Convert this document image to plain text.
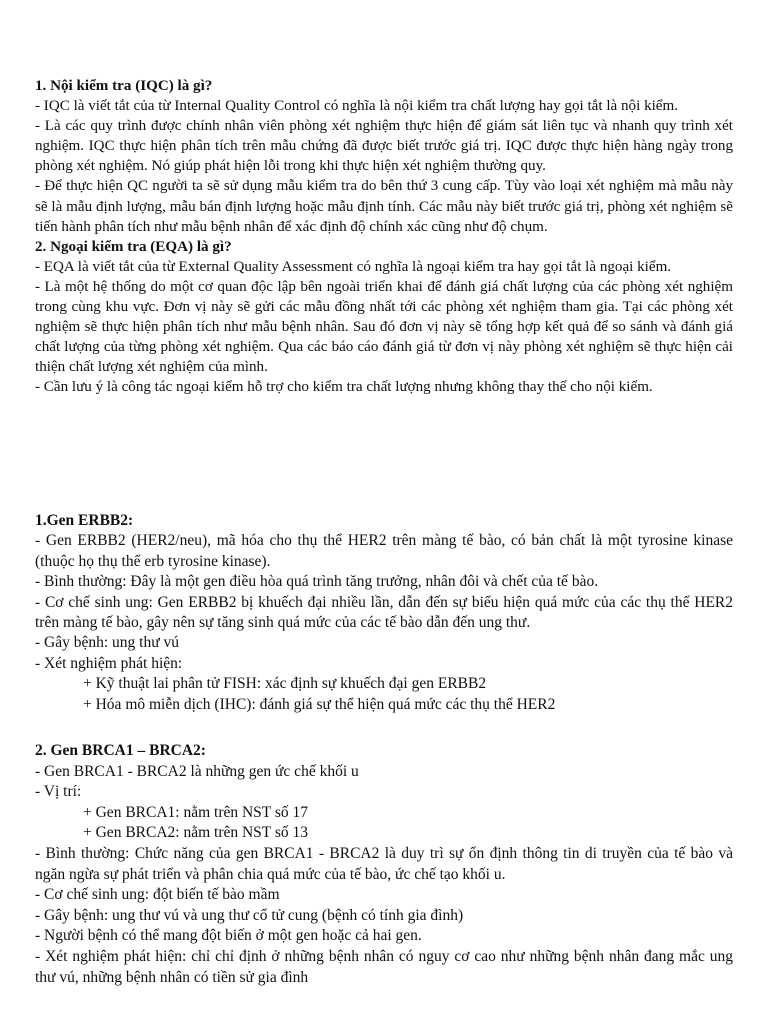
1. Nội kiểm tra (IQC) là gì?

- IQC là viết tắt của từ Internal Quality Control có nghĩa là nội kiểm tra chất lượng hay gọi tắt là nội kiểm.

- Là các quy trình được chính nhân viên phòng xét nghiệm thực hiện để giám sát liên tục và nhanh quy trình xét nghiệm. IQC thực hiện phân tích trên mẫu chứng đã được biết trước giá trị. IQC được thực hiện hàng ngày trong phòng xét nghiệm. Nó giúp phát hiện lỗi trong khi thực hiện xét nghiệm thường quy.

- Để thực hiện QC người ta sẽ sử dụng mẫu kiểm tra do bên thứ 3 cung cấp. Tùy vào loại xét nghiệm mà mẫu này sẽ là mẫu định lượng, mẫu bán định lượng hoặc mẫu định tính. Các mẫu này biết trước giá trị, phòng xét nghiệm sẽ tiến hành phân tích như mẫu bệnh nhân để xác định độ chính xác cũng như độ chụm.

2. Ngoại kiểm tra (EQA) là gì?

- EQA là viết tắt của từ External Quality Assessment có nghĩa là ngoại kiểm tra hay gọi tắt là ngoại kiểm.

- Là một hệ thống do một cơ quan độc lập bên ngoài triển khai để đánh giá chất lượng của các phòng xét nghiệm trong cùng khu vực. Đơn vị này sẽ gửi các mẫu đồng nhất tới các phòng xét nghiệm tham gia. Tại các phòng xét nghiệm sẽ thực hiện phân tích như mẫu bệnh nhân. Sau đó đơn vị này sẽ tổng hợp kết quả để so sánh và đánh giá chất lượng của từng phòng xét nghiệm. Qua các báo cáo đánh giá từ đơn vị này phòng xét nghiệm sẽ thực hiện cải thiện chất lượng xét nghiệm của mình.

- Cần lưu ý là công tác ngoại kiểm hỗ trợ cho kiểm tra chất lượng nhưng không thay thế cho nội kiểm.

1.Gen ERBB2:

- Gen ERBB2 (HER2/neu), mã hóa cho thụ thể HER2 trên màng tế bào, có bản chất là một tyrosine kinase (thuộc họ thụ thể erb tyrosine kinase).

- Bình thường: Đây là một gen điều hòa quá trình tăng trưởng, nhân đôi và chết của tế bào.

- Cơ chế sinh ung: Gen ERBB2 bị khuếch đại nhiều lần, dẫn đến sự biểu hiện quá mức của các thụ thể HER2 trên màng tế bào, gây nên sự tăng sinh quá mức của các tế bào dẫn đến ung thư.

- Gây bệnh: ung thư vú

- Xét nghiệm phát hiện:

+ Kỹ thuật lai phân tử FISH: xác định sự khuếch đại gen ERBB2

+ Hóa mô miễn dịch (IHC): đánh giá sự thể hiện quá mức các thụ thể HER2

2. Gen BRCA1 – BRCA2:

- Gen BRCA1 - BRCA2 là những gen ức chế khối u

- Vị trí:

+ Gen BRCA1: nằm trên NST số 17

+ Gen BRCA2: nằm trên NST số 13

- Bình thường: Chức năng của gen BRCA1 - BRCA2 là duy trì sự ổn định thông tin di truyền của tế bào và ngăn ngừa sự phát triển và phân chia quá mức của tế bào, ức chế tạo khối u.

- Cơ chế sinh ung: đột biến tế bào mầm

- Gây bệnh: ung thư vú và ung thư cổ tử cung (bệnh có tính gia đình)

- Người bệnh có thể mang đột biến ở một gen hoặc cả hai gen.

- Xét nghiệm phát hiện: chỉ chỉ định ở những bệnh nhân có nguy cơ cao như những bệnh nhân đang mắc ung thư vú, những bệnh nhân có tiền sử gia đình
